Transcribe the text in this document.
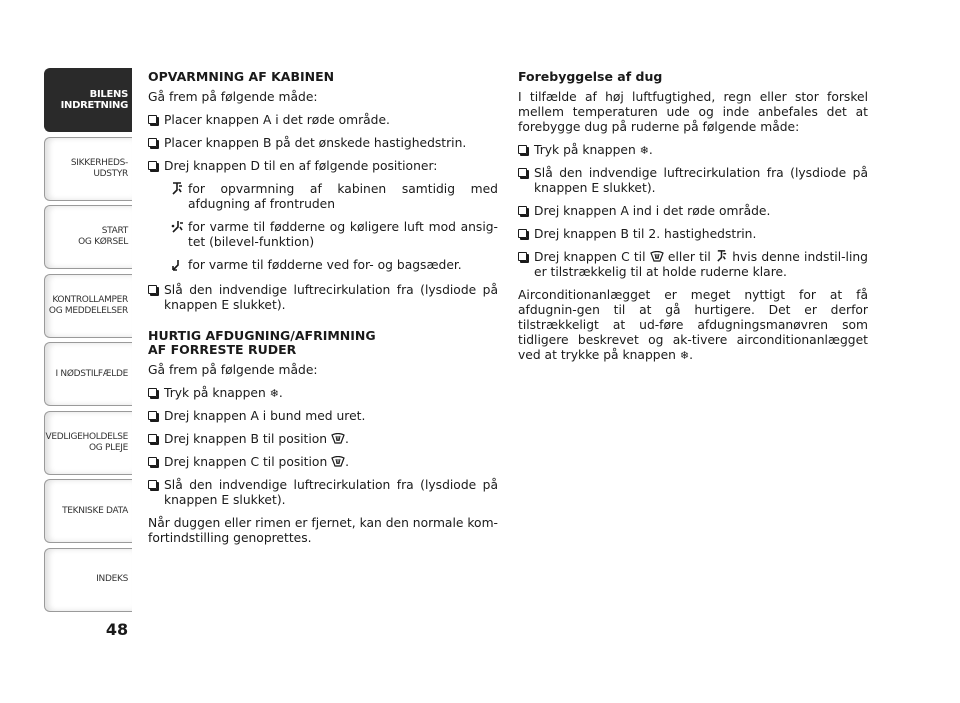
BILENS
INDRETNING
SIKKERHEDS-
UDSTYR
START
OG KØRSEL
KONTROLLAMPER
OG MEDDELELSER
I NØDSTILFÆLDE
VEDLIGEHOLDELSE
OG PLEJE
TEKNISKE DATA
INDEKS
48
OPVARMNING AF KABINEN

Gå frem på følgende måde:

Placer knappen A i det røde område.
Placer knappen B på det ønskede hastighedstrin.
Drej knappen D til en af følgende positioner:
for opvarmning af kabinen samtidig med afdugning af frontruden
for varme til fødderne og køligere luft mod ansig-tet (bilevel-funktion)
for varme til fødderne ved for- og bagsæder.
Slå den indvendige luftrecirkulation fra (lysdiode på knappen E slukket).
HURTIG AFDUGNING/AFRIMNING
AF FORRESTE RUDER

Gå frem på følgende måde:

Tryk på knappen ❄.
Drej knappen A i bund med uret.
Drej knappen B til position .
Drej knappen C til position .
Slå den indvendige luftrecirkulation fra (lysdiode på knappen E slukket).

Når duggen eller rimen er fjernet, kan den normale kom-fortindstilling genoprettes.

Forebyggelse af dug

I tilfælde af høj luftfugtighed, regn eller stor forskel mellem temperaturen ude og inde anbefales det at forebygge dug på ruderne på følgende måde:

Tryk på knappen ❄.
Slå den indvendige luftrecirkulation fra (lysdiode på knappen E slukket).
Drej knappen A ind i det røde område.
Drej knappen B til 2. hastighedstrin.
Drej knappen C til  eller til  hvis denne indstil-ling er tilstrækkelig til at holde ruderne klare.

Airconditionanlægget er meget nyttigt for at få afdugnin-gen til at gå hurtigere. Det er derfor tilstrækkeligt at ud-føre afdugningsmanøvren som tidligere beskrevet og ak-tivere airconditionanlægget ved at trykke på knappen ❄.
